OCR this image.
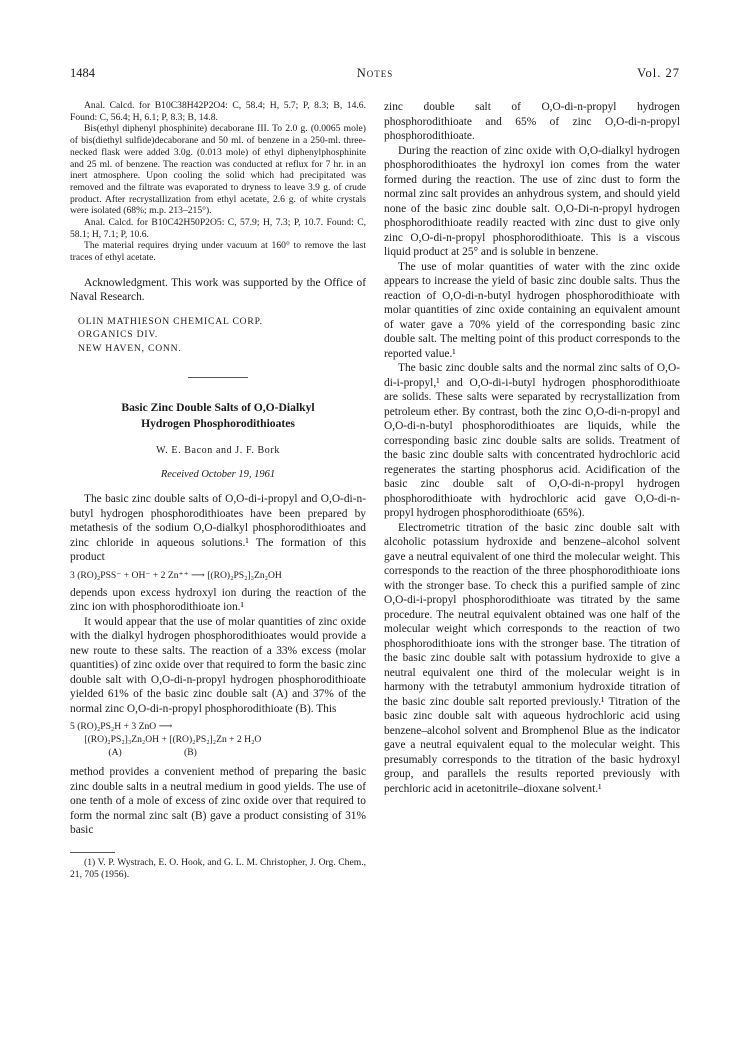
1484	Notes	Vol. 27

Anal. Calcd. for B10C38H42P2O4: C, 58.4; H, 5.7; P, 8.3; B, 14.6. Found: C, 56.4; H, 6.1; P, 8.3; B, 14.8.

Bis(ethyl diphenyl phosphinite) decaborane III. To 2.0 g. (0.0065 mole) of bis(diethyl sulfide)decaborane and 50 ml. of benzene in a 250-ml. three-necked flask were added 3.0g. (0.013 mole) of ethyl diphenylphosphinite and 25 ml. of benzene. The reaction was conducted at reflux for 7 hr. in an inert atmosphere. Upon cooling the solid which had precipitated was removed and the filtrate was evaporated to dryness to leave 3.9 g. of crude product. After recrystallization from ethyl acetate, 2.6 g. of white crystals were isolated (68%; m.p. 213–215°).

Anal. Calcd. for B10C42H50P2O5: C, 57.9; H, 7.3; P, 10.7. Found: C, 58.1; H, 7.1; P, 10.6.

The material requires drying under vacuum at 160° to remove the last traces of ethyl acetate.

Acknowledgment. This work was supported by the Office of Naval Research.

OLIN MATHIESON CHEMICAL CORP.
ORGANICS DIV.
NEW HAVEN, CONN.
Basic Zinc Double Salts of O,O-Dialkyl
Hydrogen Phosphorodithioates
W. E. Bacon and J. F. Bork
Received October 19, 1961

The basic zinc double salts of O,O-di-i-propyl and O,O-di-n-butyl hydrogen phosphorodithioates have been prepared by metathesis of the sodium O,O-dialkyl phosphorodithioates and zinc chloride in aqueous solutions.¹ The formation of this product

3 (RO)₂PSS⁻ + OH⁻ + 2 Zn⁺⁺ ⟶ [(RO)₂PS₂]₃Zn₂OH

depends upon excess hydroxyl ion during the reaction of the zinc ion with phosphorodithioate ion.¹

It would appear that the use of molar quantities of zinc oxide with the dialkyl hydrogen phosphorodithioates would provide a new route to these salts. The reaction of a 33% excess (molar quantities) of zinc oxide over that required to form the basic zinc double salt with O,O-di-n-propyl hydrogen phosphorodithioate yielded 61% of the basic zinc double salt (A) and 37% of the normal zinc O,O-di-n-propyl phosphorodithioate (B). This

5 (RO)₂PS₂H + 3 ZnO ⟶
[(RO)₂PS₂]₃Zn₂OH + [(RO)₂PS₂]₂Zn + 2 H₂O
(A)                          (B)

method provides a convenient method of preparing the basic zinc double salts in a neutral medium in good yields. The use of one tenth of a mole of excess of zinc oxide over that required to form the normal zinc salt (B) gave a product consisting of 31% basic

(1) V. P. Wystrach, E. O. Hook, and G. L. M. Christopher, J. Org. Chem., 21, 705 (1956).

zinc double salt of O,O-di-n-propyl hydrogen phosphorodithioate and 65% of zinc O,O-di-n-propyl phosphorodithioate.

During the reaction of zinc oxide with O,O-dialkyl hydrogen phosphorodithioates the hydroxyl ion comes from the water formed during the reaction. The use of zinc dust to form the normal zinc salt provides an anhydrous system, and should yield none of the basic zinc double salt. O,O-Di-n-propyl hydrogen phosphorodithioate readily reacted with zinc dust to give only zinc O,O-di-n-propyl phosphorodithioate. This is a viscous liquid product at 25° and is soluble in benzene.

The use of molar quantities of water with the zinc oxide appears to increase the yield of basic zinc double salts. Thus the reaction of O,O-di-n-butyl hydrogen phosphorodithioate with molar quantities of zinc oxide containing an equivalent amount of water gave a 70% yield of the corresponding basic zinc double salt. The melting point of this product corresponds to the reported value.¹

The basic zinc double salts and the normal zinc salts of O,O-di-i-propyl,¹ and O,O-di-i-butyl hydrogen phosphorodithioate are solids. These salts were separated by recrystallization from petroleum ether. By contrast, both the zinc O,O-di-n-propyl and O,O-di-n-butyl phosphorodithioates are liquids, while the corresponding basic zinc double salts are solids. Treatment of the basic zinc double salts with concentrated hydrochloric acid regenerates the starting phosphorus acid. Acidification of the basic zinc double salt of O,O-di-n-propyl hydrogen phosphorodithioate with hydrochloric acid gave O,O-di-n-propyl hydrogen phosphorodithioate (65%).

Electrometric titration of the basic zinc double salt with alcoholic potassium hydroxide and benzene–alcohol solvent gave a neutral equivalent of one third the molecular weight. This corresponds to the reaction of the three phosphorodithioate ions with the stronger base. To check this a purified sample of zinc O,O-di-i-propyl phosphorodithioate was titrated by the same procedure. The neutral equivalent obtained was one half of the molecular weight which corresponds to the reaction of two phosphorodithioate ions with the stronger base. The titration of the basic zinc double salt with potassium hydroxide to give a neutral equivalent one third of the molecular weight is in harmony with the tetrabutyl ammonium hydroxide titration of the basic zinc double salt reported previously.¹ Titration of the basic zinc double salt with aqueous hydrochloric acid using benzene–alcohol solvent and Bromphenol Blue as the indicator gave a neutral equivalent equal to the molecular weight. This presumably corresponds to the titration of the basic hydroxyl group, and parallels the results reported previously with perchloric acid in acetonitrile–dioxane solvent.¹
